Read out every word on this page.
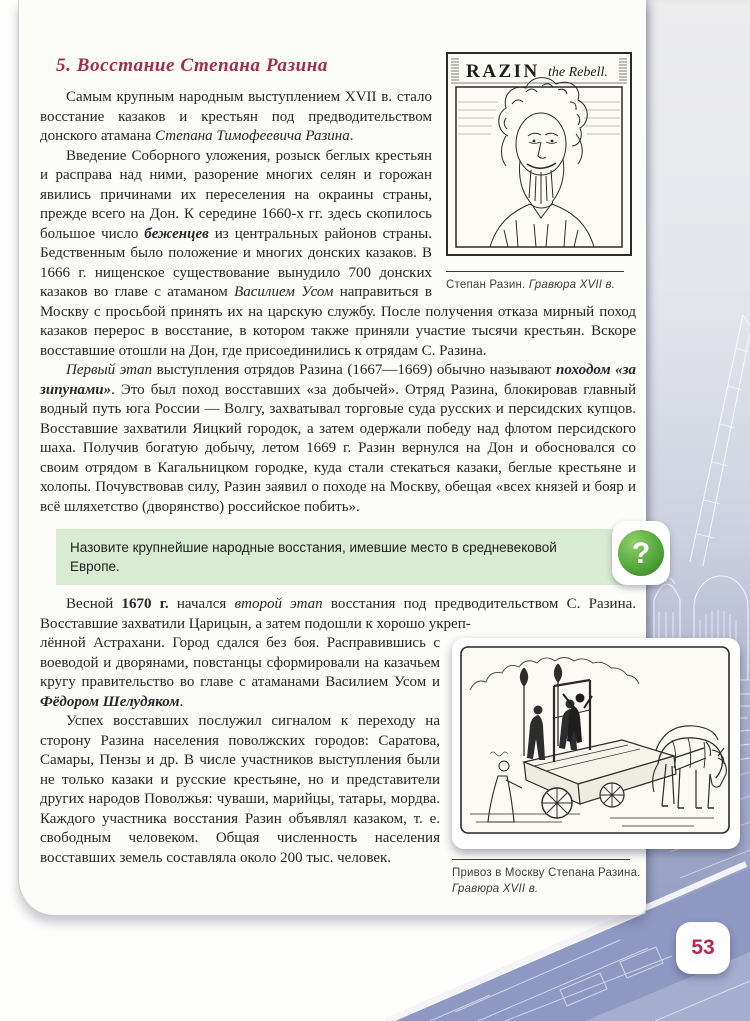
53
RAZIN the Rebell.
Степан Разин. Гравюра XVII в.
5. Восстание Степана Разина

Самым крупным народным выступлением XVII в. стало восстание казаков и крестьян под предводительством донского атамана Степана Тимофеевича Разина.

Введение Соборного уложения, розыск беглых крестьян и расправа над ними, разорение многих селян и горожан явились причинами их переселения на окраины страны, прежде всего на Дон. К середине 1660-х гг. здесь скопилось большое число беженцев из центральных районов страны. Бедственным было положение и многих донских казаков. В 1666 г. нищенское существование вынудило 700 донских казаков во главе с атаманом Василием Усом направиться в Москву с просьбой принять их на царскую службу. После получения отказа мирный поход казаков перерос в восстание, в котором также приняли участие тысячи крестьян. Вскоре восставшие отошли на Дон, где присоединились к отрядам С. Разина.

Первый этап выступления отрядов Разина (1667—1669) обычно называют походом «за зипунами». Это был поход восставших «за добычей». Отряд Разина, блокировав главный водный путь юга России — Волгу, захватывал торговые суда русских и персидских купцов. Восставшие захватили Яицкий городок, а затем одержали победу над флотом персидского шаха. Получив богатую добычу, летом 1669 г. Разин вернулся на Дон и обосновался со своим отрядом в Кагальницком городке, куда стали стекаться казаки, беглые крестьяне и холопы. Почувствовав силу, Разин заявил о походе на Москву, обещая «всех князей и бояр и всё шляхетство (дворянство) российское побить».

Назовите крупнейшие народные восстания, имевшие место в средневековой Европе.	?

Весной 1670 г. начался второй этап восстания под предводительством С. Разина. Восставшие захватили Царицын, а затем подошли к хорошо укреп-

Привоз в Москву Степана Разина.
Гравюра XVII в.

лённой Астрахани. Город сдался без боя. Расправившись с воеводой и дворянами, повстанцы сформировали на казачьем кругу правительство во главе с атаманами Василием Усом и Фёдором Шелудяком.

Успех восставших послужил сигналом к переходу на сторону Разина населения поволжских городов: Саратова, Самары, Пензы и др. В числе участников выступления были не только казаки и русские крестьяне, но и представители других народов Поволжья: чуваши, марийцы, татары, мордва. Каждого участника восстания Разин объявлял казаком, т. е. свободным человеком. Общая численность населения восставших земель составляла около 200 тыс. человек.
